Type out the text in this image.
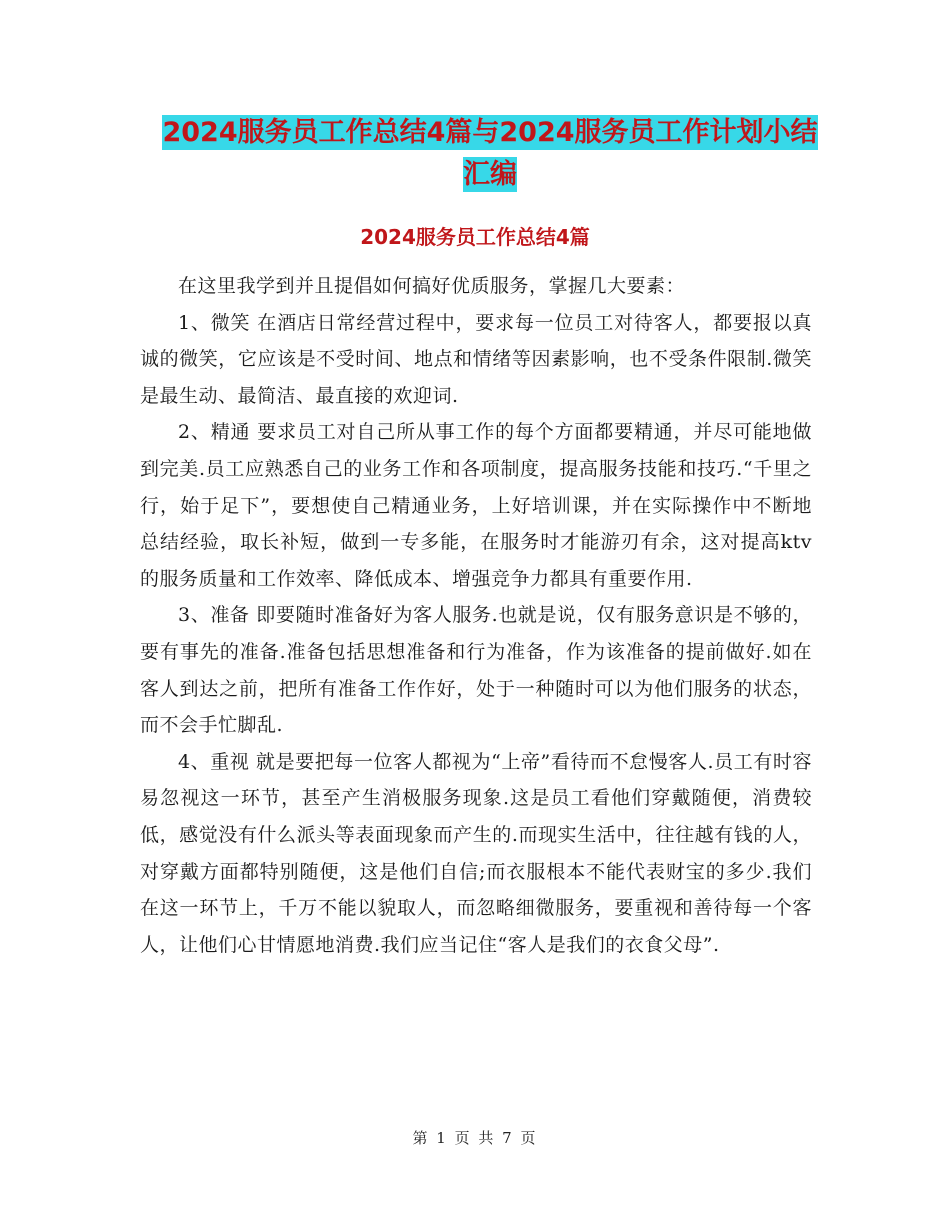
2024服务员工作总结4篇与2024服务员工作计划小结
汇编
2024服务员工作总结4篇

在这里我学到并且提倡如何搞好优质服务，掌握几大要素：

1、微笑 在酒店日常经营过程中，要求每一位员工对待客人，都要报以真诚的微笑，它应该是不受时间、地点和情绪等因素影响，也不受条件限制.微笑是最生动、最简洁、最直接的欢迎词.

2、精通 要求员工对自己所从事工作的每个方面都要精通，并尽可能地做到完美.员工应熟悉自己的业务工作和各项制度，提高服务技能和技巧.“千里之行，始于足下”，要想使自己精通业务，上好培训课，并在实际操作中不断地总结经验，取长补短，做到一专多能，在服务时才能游刃有余，这对提高ktv的服务质量和工作效率、降低成本、增强竞争力都具有重要作用.

3、准备 即要随时准备好为客人服务.也就是说，仅有服务意识是不够的，要有事先的准备.准备包括思想准备和行为准备，作为该准备的提前做好.如在客人到达之前，把所有准备工作作好，处于一种随时可以为他们服务的状态，而不会手忙脚乱.

4、重视 就是要把每一位客人都视为“上帝”看待而不怠慢客人.员工有时容易忽视这一环节，甚至产生消极服务现象.这是员工看他们穿戴随便，消费较低，感觉没有什么派头等表面现象而产生的.而现实生活中，往往越有钱的人，对穿戴方面都特别随便，这是他们自信;而衣服根本不能代表财宝的多少.我们在这一环节上，千万不能以貌取人，而忽略细微服务，要重视和善待每一个客人，让他们心甘情愿地消费.我们应当记住“客人是我们的衣食父母”.

第 1 页 共 7 页
